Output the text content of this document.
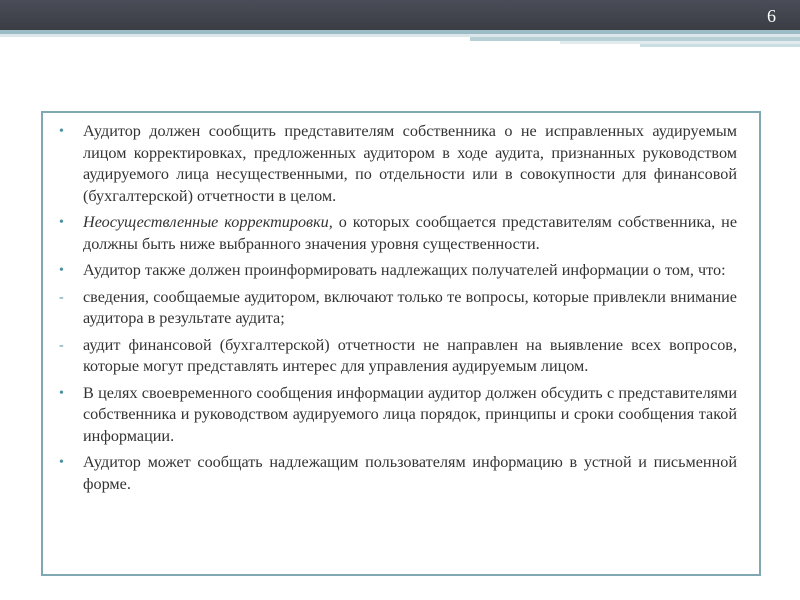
6
•	Аудитор должен сообщить представителям собственника о не исправленных аудируемым лицом корректировках, предложенных аудитором в ходе аудита, признанных руководством аудируемого лица несущественными, по отдельности или в совокупности для финансовой (бухгалтерской) отчетности в целом.
•	Неосуществленные корректировки, о которых сообщается представителям собственника, не должны быть ниже выбранного значения уровня существенности.
•	Аудитор также должен проинформировать надлежащих получателей информации о том, что:
-	сведения, сообщаемые аудитором, включают только те вопросы, которые привлекли внимание аудитора в результате аудита;
-	аудит финансовой (бухгалтерской) отчетности не направлен на выявление всех вопросов, которые могут представлять интерес для управления аудируемым лицом.
•	В целях своевременного сообщения информации аудитор должен обсудить с представителями собственника и руководством аудируемого лица порядок, принципы и сроки сообщения такой информации.
•	Аудитор может сообщать надлежащим пользователям информацию в устной и письменной форме.
